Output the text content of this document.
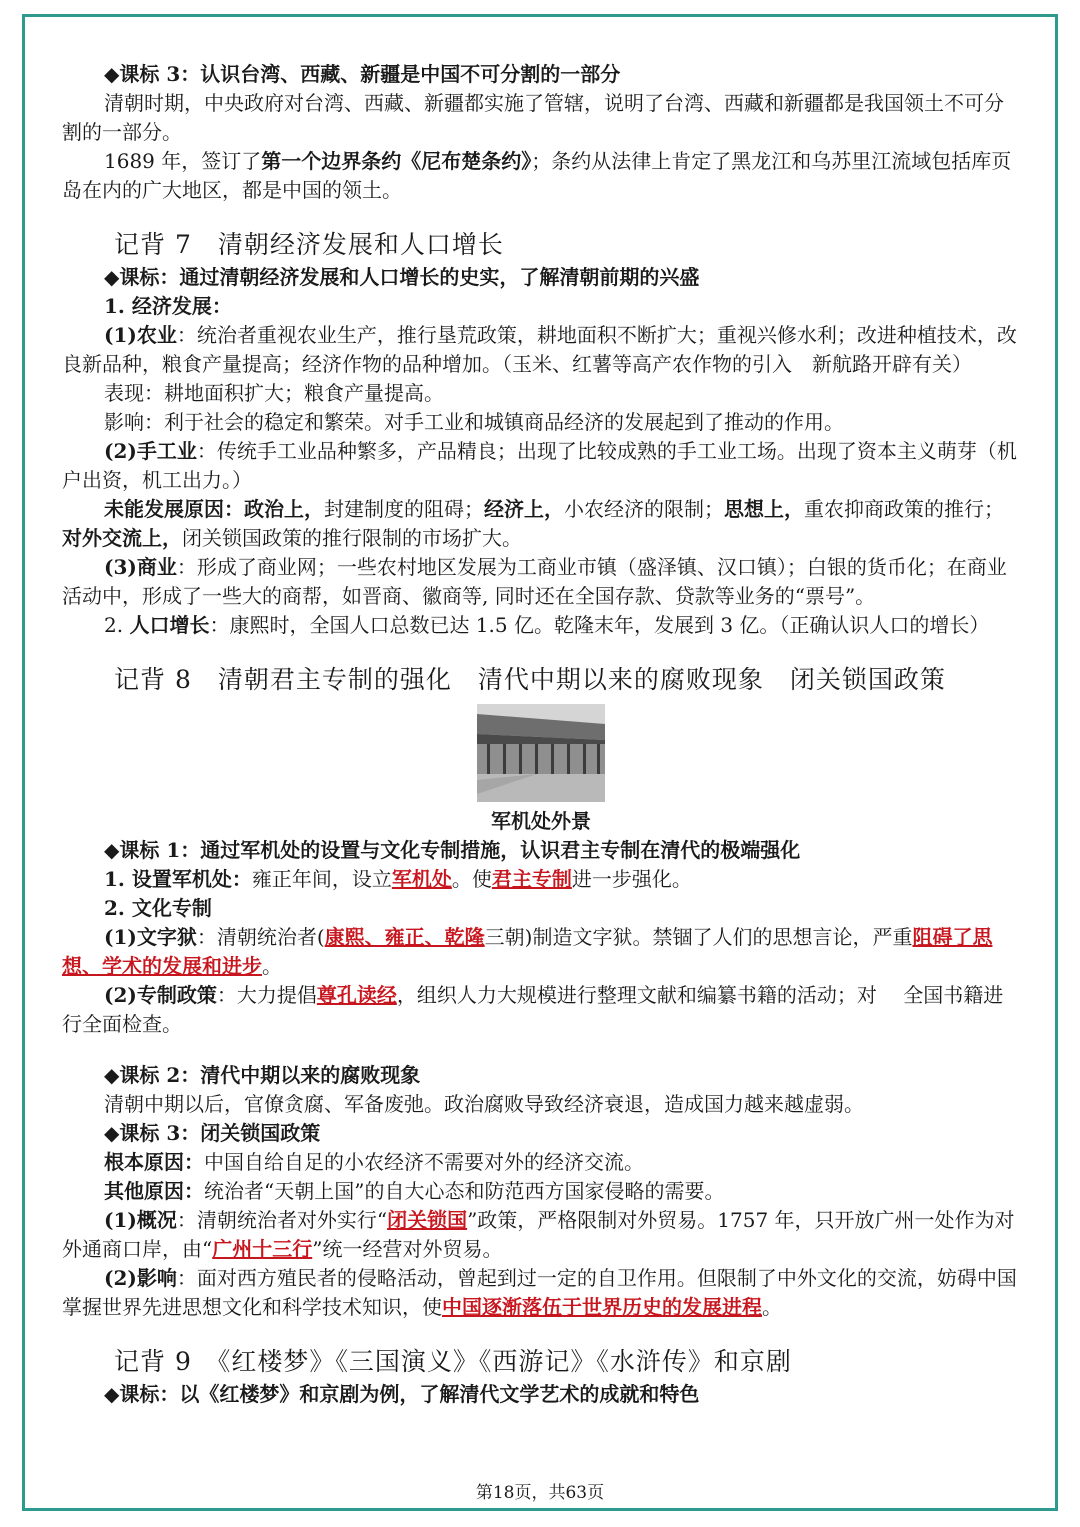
◆课标 3：认识台湾、西藏、新疆是中国不可分割的一部分

清朝时期，中央政府对台湾、西藏、新疆都实施了管辖，说明了台湾、西藏和新疆都是我国领土不可分割的一部分。

1689 年，签订了第一个边界条约《尼布楚条约》；条约从法律上肯定了黑龙江和乌苏里江流域包括库页岛在内的广大地区，都是中国的领土。

记背 7　清朝经济发展和人口增长

◆课标：通过清朝经济发展和人口增长的史实，了解清朝前期的兴盛

1. 经济发展：

(1)农业：统治者重视农业生产，推行垦荒政策，耕地面积不断扩大；重视兴修水利；改进种植技术，改良新品种，粮食产量提高；经济作物的品种增加。（玉米、红薯等高产农作物的引入　新航路开辟有关）

表现：耕地面积扩大；粮食产量提高。

影响：利于社会的稳定和繁荣。对手工业和城镇商品经济的发展起到了推动的作用。

(2)手工业：传统手工业品种繁多，产品精良；出现了比较成熟的手工业工场。出现了资本主义萌芽（机户出资，机工出力。）

未能发展原因：政治上，封建制度的阻碍；经济上，小农经济的限制；思想上，重农抑商政策的推行；对外交流上，闭关锁国政策的推行限制的市场扩大。

(3)商业：形成了商业网；一些农村地区发展为工商业市镇（盛泽镇、汉口镇）；白银的货币化；在商业活动中，形成了一些大的商帮，如晋商、徽商等, 同时还在全国存款、贷款等业务的“票号”。

2. 人口增长：康熙时，全国人口总数已达 1.5 亿。乾隆末年，发展到 3 亿。（正确认识人口的增长）

记背 8　清朝君主专制的强化　清代中期以来的腐败现象　闭关锁国政策

军机处外景

◆课标 1：通过军机处的设置与文化专制措施，认识君主专制在清代的极端强化

1. 设置军机处：雍正年间，设立军机处。使君主专制进一步强化。

2. 文化专制

(1)文字狱：清朝统治者(康熙、雍正、乾隆三朝)制造文字狱。禁锢了人们的思想言论，严重阻碍了思想、学术的发展和进步。

(2)专制政策：大力提倡尊孔读经，组织人力大规模进行整理文献和编纂书籍的活动；对　 全国书籍进行全面检查。

◆课标 2：清代中期以来的腐败现象

清朝中期以后，官僚贪腐、军备废弛。政治腐败导致经济衰退，造成国力越来越虚弱。

◆课标 3：闭关锁国政策

根本原因：中国自给自足的小农经济不需要对外的经济交流。

其他原因：统治者“天朝上国”的自大心态和防范西方国家侵略的需要。

(1)概况：清朝统治者对外实行“闭关锁国”政策，严格限制对外贸易。1757 年，只开放广州一处作为对外通商口岸，由“广州十三行”统一经营对外贸易。

(2)影响：面对西方殖民者的侵略活动，曾起到过一定的自卫作用。但限制了中外文化的交流，妨碍中国掌握世界先进思想文化和科学技术知识，使中国逐渐落伍于世界历史的发展进程。

记背 9　《红楼梦》《三国演义》《西游记》《水浒传》和京剧

◆课标：以《红楼梦》和京剧为例，了解清代文学艺术的成就和特色

第18页，共63页
